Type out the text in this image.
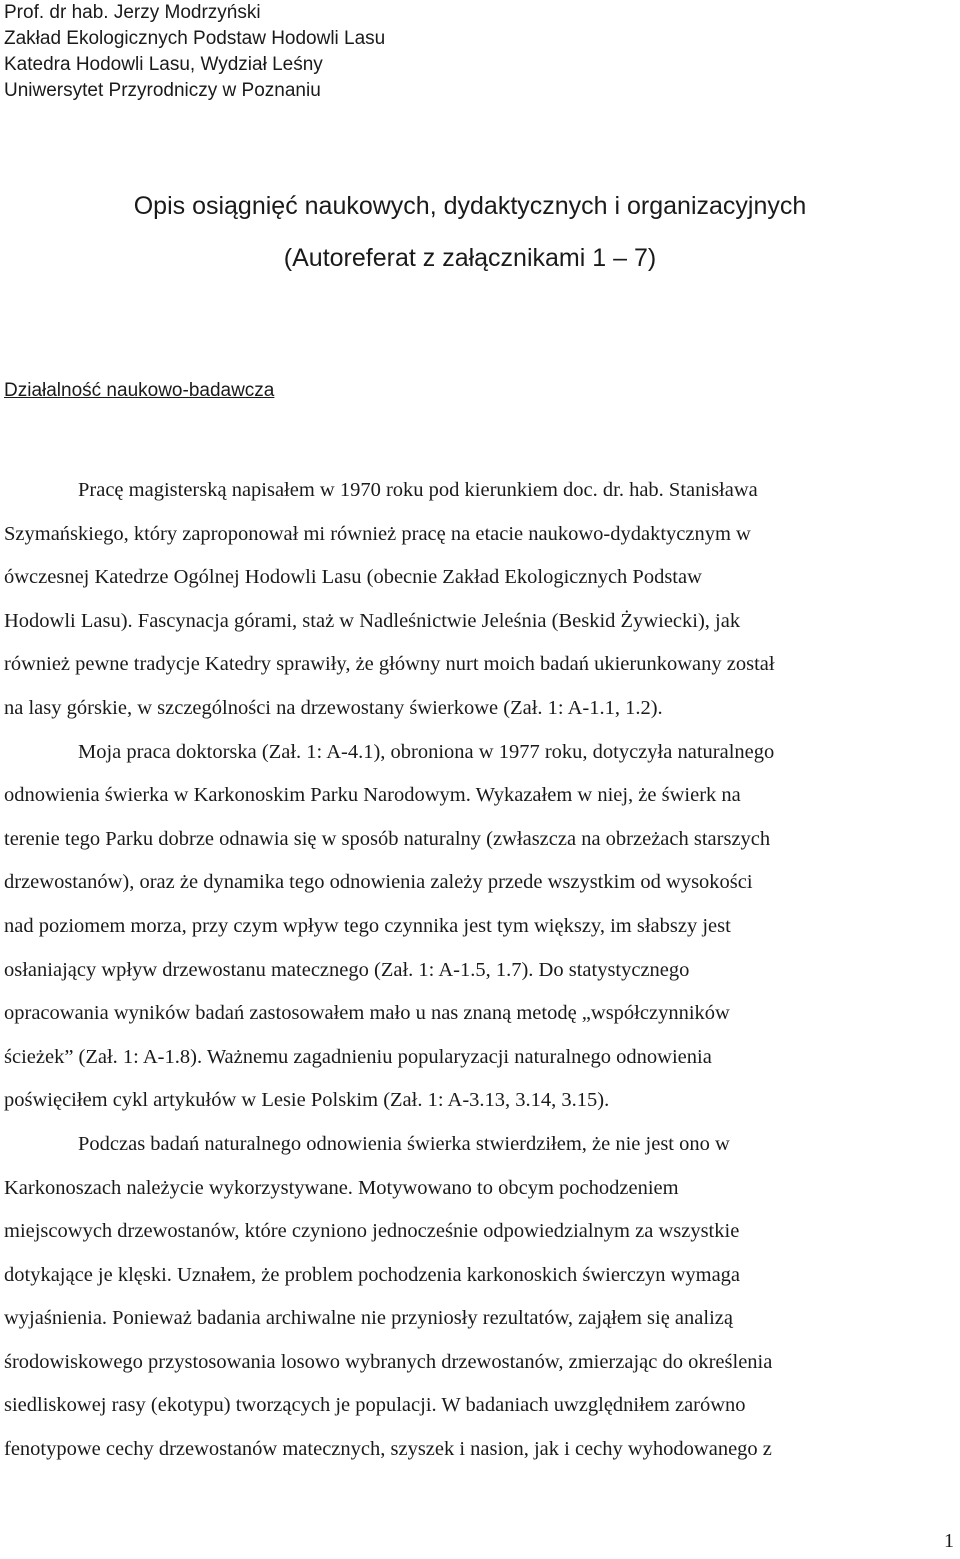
Prof. dr hab. Jerzy Modrzyński
Zakład Ekologicznych Podstaw Hodowli Lasu
Katedra Hodowli Lasu, Wydział Leśny
Uniwersytet Przyrodniczy w Poznaniu
Opis osiągnięć naukowych, dydaktycznych i organizacyjnych
(Autoreferat z załącznikami 1 – 7)
Działalność naukowo-badawcza
Pracę magisterską napisałem w 1970 roku pod kierunkiem doc. dr. hab. Stanisława
Szymańskiego, który zaproponował mi również pracę na etacie naukowo-dydaktycznym w
ówczesnej Katedrze Ogólnej Hodowli Lasu (obecnie Zakład Ekologicznych Podstaw
Hodowli Lasu). Fascynacja górami, staż w Nadleśnictwie Jeleśnia (Beskid Żywiecki), jak
również pewne tradycje Katedry sprawiły, że główny nurt moich badań ukierunkowany został
na lasy górskie, w szczególności na drzewostany świerkowe (Zał. 1: A-1.1, 1.2).
Moja praca doktorska (Zał. 1: A-4.1), obroniona w 1977 roku, dotyczyła naturalnego
odnowienia świerka w Karkonoskim Parku Narodowym. Wykazałem w niej, że świerk na
terenie tego Parku dobrze odnawia się w sposób naturalny (zwłaszcza na obrzeżach starszych
drzewostanów), oraz że dynamika tego odnowienia zależy przede wszystkim od wysokości
nad poziomem morza, przy czym wpływ tego czynnika jest tym większy, im słabszy jest
osłaniający wpływ drzewostanu matecznego (Zał. 1: A-1.5, 1.7). Do statystycznego
opracowania wyników badań zastosowałem mało u nas znaną metodę „współczynników
ścieżek” (Zał. 1: A-1.8). Ważnemu zagadnieniu popularyzacji naturalnego odnowienia
poświęciłem cykl artykułów w Lesie Polskim (Zał. 1: A-3.13, 3.14, 3.15).
Podczas badań naturalnego odnowienia świerka stwierdziłem, że nie jest ono w
Karkonoszach należycie wykorzystywane. Motywowano to obcym pochodzeniem
miejscowych drzewostanów, które czyniono jednocześnie odpowiedzialnym za wszystkie
dotykające je klęski. Uznałem, że problem pochodzenia karkonoskich świerczyn wymaga
wyjaśnienia. Ponieważ badania archiwalne nie przyniosły rezultatów, zająłem się analizą
środowiskowego przystosowania losowo wybranych drzewostanów, zmierzając do określenia
siedliskowej rasy (ekotypu) tworzących je populacji. W badaniach uwzględniłem zarówno
fenotypowe cechy drzewostanów matecznych, szyszek i nasion, jak i cechy wyhodowanego z
1
